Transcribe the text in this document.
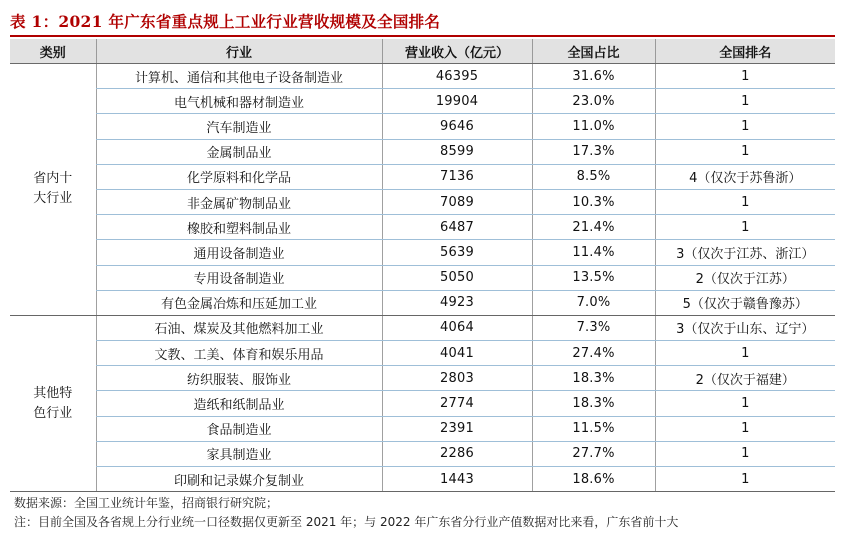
表 1：2021 年广东省重点规上工业行业营收规模及全国排名
类别	行业	营业收入（亿元）	全国占比	全国排名

省内十
大行业	计算机、通信和其他电子设备制造业	46395	31.6%	1
	电气机械和器材制造业	19904	23.0%	1
	汽车制造业	9646	11.0%	1
	金属制品业	8599	17.3%	1
	化学原料和化学品	7136	8.5%	4（仅次于苏鲁浙）
	非金属矿物制品业	7089	10.3%	1
	橡胶和塑料制品业	6487	21.4%	1
	通用设备制造业	5639	11.4%	3（仅次于江苏、浙江）
	专用设备制造业	5050	13.5%	2（仅次于江苏）
	有色金属冶炼和压延加工业	4923	7.0%	5（仅次于赣鲁豫苏）

其他特
色行业	石油、煤炭及其他燃料加工业	4064	7.3%	3（仅次于山东、辽宁）
	文教、工美、体育和娱乐用品	4041	27.4%	1
	纺织服装、服饰业	2803	18.3%	2（仅次于福建）
	造纸和纸制品业	2774	18.3%	1
	食品制造业	2391	11.5%	1
	家具制造业	2286	27.7%	1
	印刷和记录媒介复制业	1443	18.6%	1
数据来源：全国工业统计年鉴，招商银行研究院；
注：目前全国及各省规上分行业统一口径数据仅更新至 2021 年；与 2022 年广东省分行业产值数据对比来看，广东省前十大
